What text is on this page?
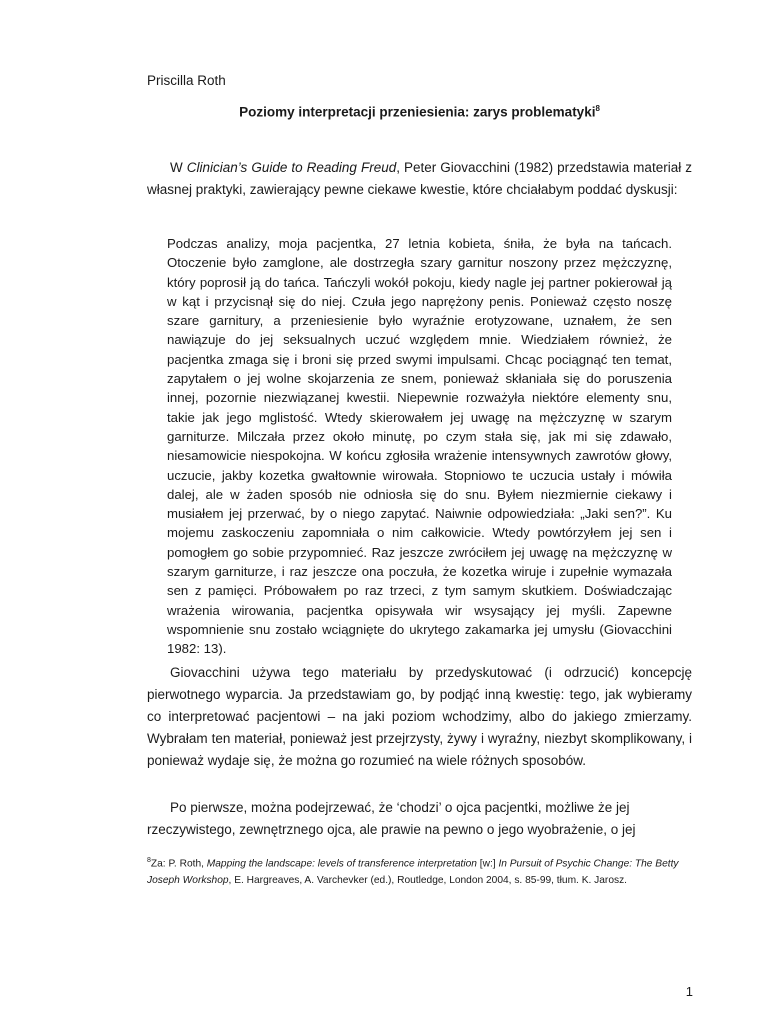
Priscilla Roth

Poziomy interpretacji przeniesienia: zarys problematyki$^8$

W Clinician’s Guide to Reading Freud, Peter Giovacchini (1982) przedstawia materiał z własnej praktyki, zawierający pewne ciekawe kwestie, które chciałabym poddać dyskusji:

Podczas analizy, moja pacjentka, 27 letnia kobieta, śniła, że była na tańcach. Otoczenie było zamglone, ale dostrzegła szary garnitur noszony przez mężczyznę, który poprosił ją do tańca. Tańczyli wokół pokoju, kiedy nagle jej partner pokierował ją w kąt i przycisnął się do niej. Czuła jego naprężony penis. Ponieważ często noszę szare garnitury, a przeniesienie było wyraźnie erotyzowane, uznałem, że sen nawiązuje do jej seksualnych uczuć względem mnie. Wiedziałem również, że pacjentka zmaga się i broni się przed swymi impulsami. Chcąc pociągnąć ten temat, zapytałem o jej wolne skojarzenia ze snem, ponieważ skłaniała się do poruszenia innej, pozornie niezwiązanej kwestii. Niepewnie rozważyła niektóre elementy snu, takie jak jego mglistość. Wtedy skierowałem jej uwagę na mężczyznę w szarym garniturze. Milczała przez około minutę, po czym stała się, jak mi się zdawało, niesamowicie niespokojna. W końcu zgłosiła wrażenie intensywnych zawrotów głowy, uczucie, jakby kozetka gwałtownie wirowała. Stopniowo te uczucia ustały i mówiła dalej, ale w żaden sposób nie odniosła się do snu. Byłem niezmiernie ciekawy i musiałem jej przerwać, by o niego zapytać. Naiwnie odpowiedziała: „Jaki sen?”. Ku mojemu zaskoczeniu zapomniała o nim całkowicie. Wtedy powtórzyłem jej sen i pomogłem go sobie przypomnieć. Raz jeszcze zwróciłem jej uwagę na mężczyznę w szarym garniturze, i raz jeszcze ona poczuła, że kozetka wiruje i zupełnie wymazała sen z pamięci. Próbowałem po raz trzeci, z tym samym skutkiem. Doświadczając wrażenia wirowania, pacjentka opisywała wir wsysający jej myśli. Zapewne wspomnienie snu zostało wciągnięte do ukrytego zakamarka jej umysłu (Giovacchini 1982: 13).

Giovacchini używa tego materiału by przedyskutować (i odrzucić) koncepcję pierwotnego wyparcia. Ja przedstawiam go, by podjąć inną kwestię: tego, jak wybieramy co interpretować pacjentowi – na jaki poziom wchodzimy, albo do jakiego zmierzamy. Wybrałam ten materiał, ponieważ jest przejrzysty, żywy i wyraźny, niezbyt skomplikowany, i ponieważ wydaje się, że można go rozumieć na wiele różnych sposobów.

Po pierwsze, można podejrzewać, że ‘chodzi’ o ojca pacjentki, możliwe że jej

rzeczywistego, zewnętrznego ojca, ale prawie na pewno o jego wyobrażenie, o jej

$^8$Za: P. Roth, Mapping the landscape: levels of transference interpretation [w:] In Pursuit of Psychic Change: The Betty Joseph Workshop, E. Hargreaves, A. Varchevker (ed.), Routledge, London 2004, s. 85-99, tłum. K. Jarosz.

1
